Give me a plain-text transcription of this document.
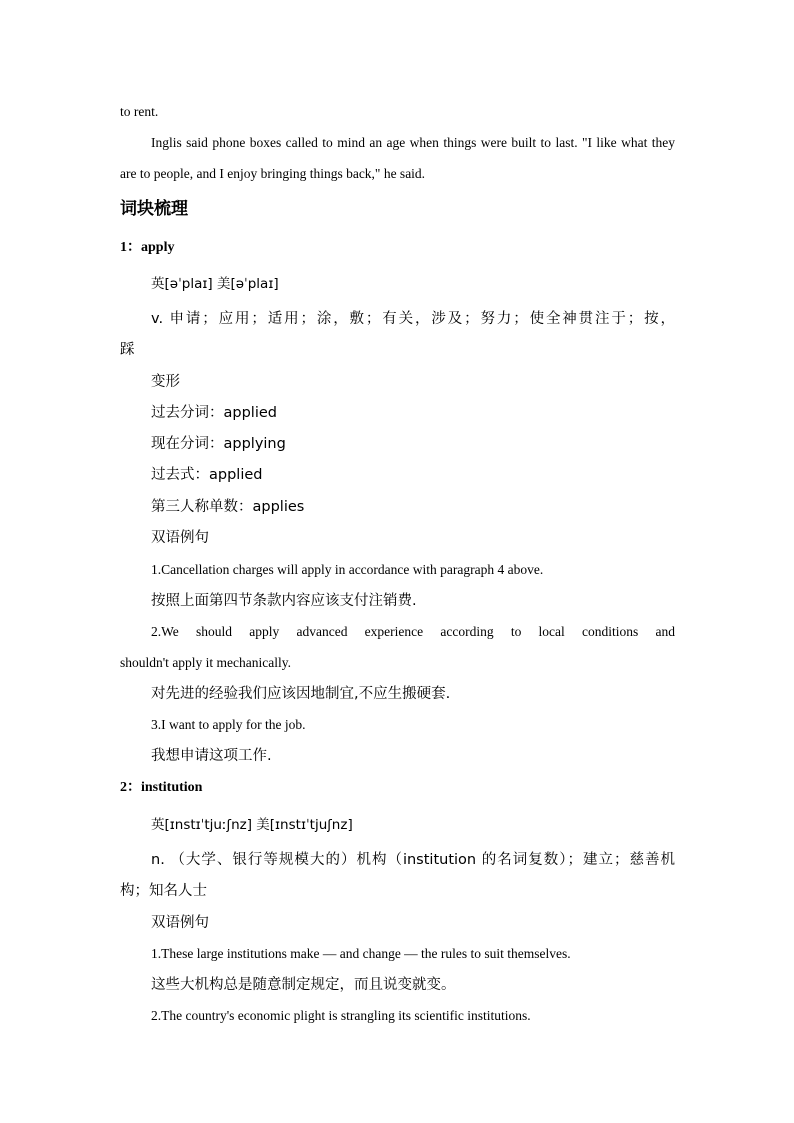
to rent.
Inglis said phone boxes called to mind an age when things were built to last. "I like what they
are to people, and I enjoy bringing things back," he said.
词块梳理
1：apply
英[əˈplaɪ] 美[əˈplaɪ]
v. 申请；应用；适用；涂，敷；有关，涉及；努力；使全神贯注于；按，
踩
变形
过去分词：applied
现在分词：applying
过去式：applied
第三人称单数：applies
双语例句
1.Cancellation charges will apply in accordance with paragraph 4 above.
按照上面第四节条款内容应该支付注销费.
2.We should apply advanced experience according to local conditions and
shouldn't apply it mechanically.
对先进的经验我们应该因地制宜,不应生搬硬套.
3.I want to apply for the job.
我想申请这项工作.
2：institution
英[ɪnstɪˈtjuːʃnz] 美[ɪnstɪˈtjuʃnz]
n. （大学、银行等规模大的）机构（institution 的名词复数）；建立；慈善机
构；知名人士
双语例句
1.These large institutions make — and change — the rules to suit themselves.
这些大机构总是随意制定规定，而且说变就变。
2.The country's economic plight is strangling its scientific institutions.
